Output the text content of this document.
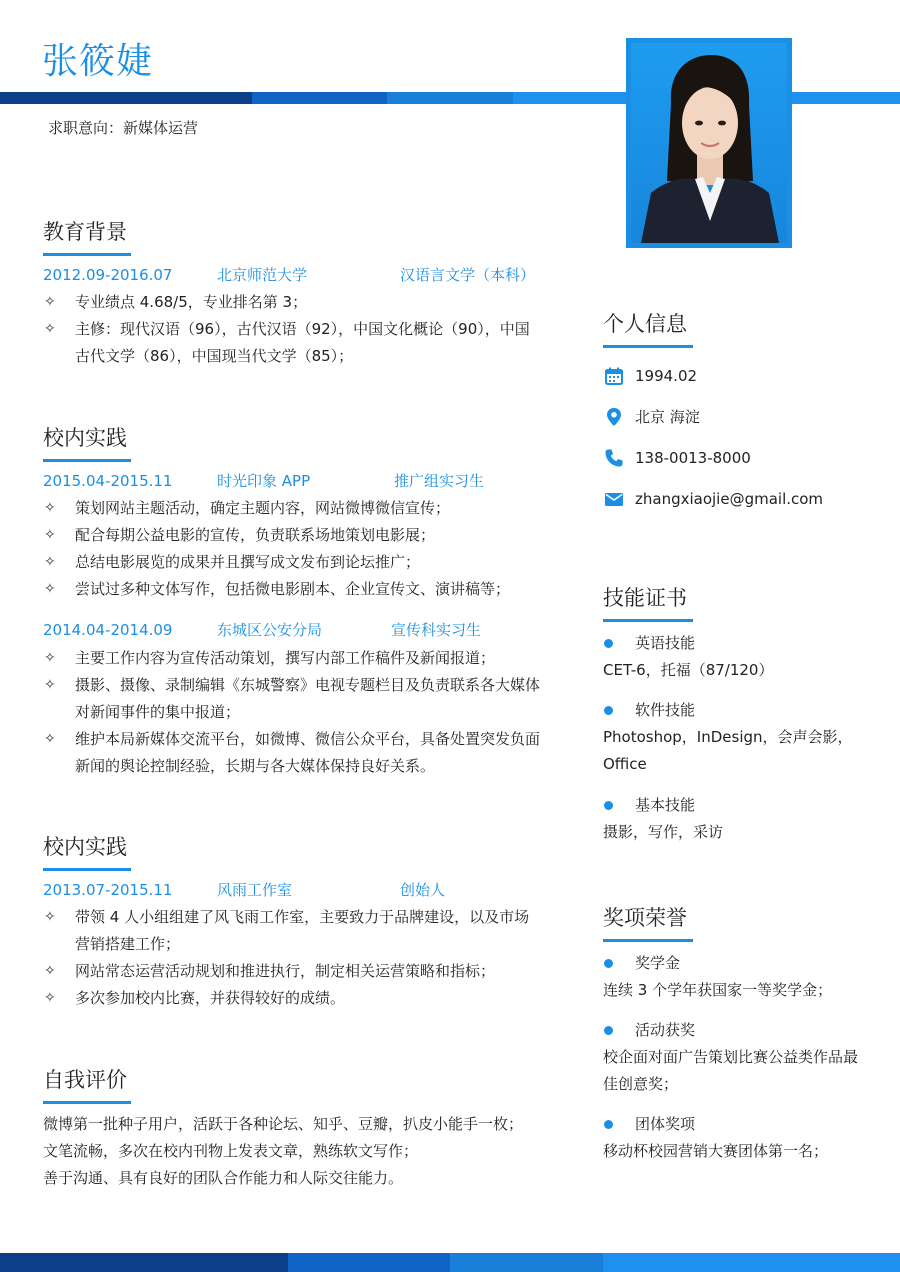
张筱婕
求职意向：新媒体运营
教育背景
2012.09-2016.07	北京师范大学	汉语言文学（本科）
✧ 专业绩点 4.68/5，专业排名第 3；
✧ 主修：现代汉语（96），古代汉语（92），中国文化概论（90），中国古代文学（86），中国现当代文学（85）；
校内实践
2015.04-2015.11	时光印象 APP	推广组实习生
✧ 策划网站主题活动，确定主题内容，网站微博微信宣传；
✧ 配合每期公益电影的宣传，负责联系场地策划电影展；
✧ 总结电影展览的成果并且撰写成文发布到论坛推广；
✧ 尝试过多种文体写作，包括微电影剧本、企业宣传文、演讲稿等；
2014.04-2014.09	东城区公安分局	宣传科实习生
✧ 主要工作内容为宣传活动策划，撰写内部工作稿件及新闻报道；
✧ 摄影、摄像、录制编辑《东城警察》电视专题栏目及负责联系各大媒体对新闻事件的集中报道；
✧ 维护本局新媒体交流平台，如微博、微信公众平台，具备处置突发负面新闻的舆论控制经验，长期与各大媒体保持良好关系。
校内实践
2013.07-2015.11	风雨工作室	创始人
✧ 带领 4 人小组组建了风飞雨工作室，主要致力于品牌建设，以及市场营销搭建工作；
✧ 网站常态运营活动规划和推进执行，制定相关运营策略和指标；
✧ 多次参加校内比赛，并获得较好的成绩。
自我评价
微博第一批种子用户，活跃于各种论坛、知乎、豆瓣，扒皮小能手一枚；
文笔流畅，多次在校内刊物上发表文章，熟练软文写作；
善于沟通、具有良好的团队合作能力和人际交往能力。
个人信息
1994.02
北京 海淀
138-0013-8000
zhangxiaojie@gmail.com
技能证书
英语技能
CET-6，托福（87/120）
软件技能
Photoshop，InDesign，会声会影，Office
基本技能
摄影，写作，采访
奖项荣誉
奖学金
连续 3 个学年获国家一等奖学金；
活动获奖
校企面对面广告策划比赛公益类作品最佳创意奖；
团体奖项
移动杯校园营销大赛团体第一名；
